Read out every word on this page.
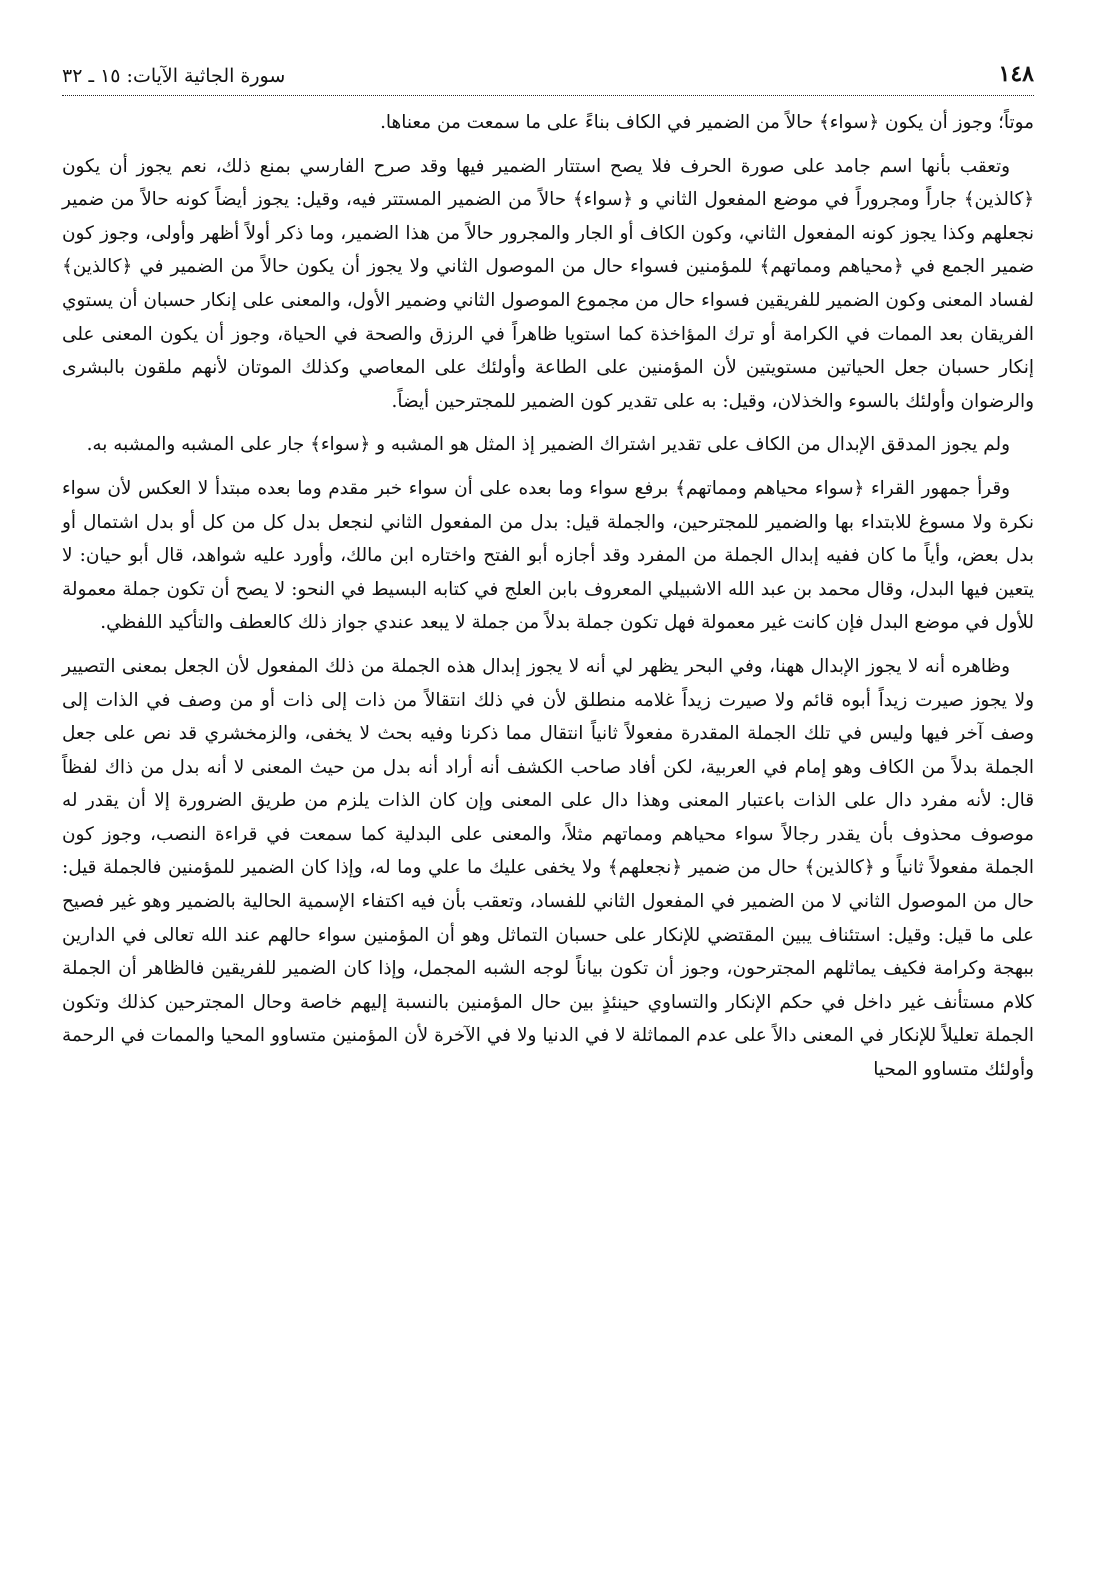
١٤٨
سورة الجاثية الآيات: ١٥ ـ ٣٢

موتاً؛ وجوز أن يكون ﴿سواء﴾ حالاً من الضمير في الكاف بناءً على ما سمعت من معناها.

وتعقب بأنها اسم جامد على صورة الحرف فلا يصح استتار الضمير فيها وقد صرح الفارسي بمنع ذلك، نعم يجوز أن يكون ﴿كالذين﴾ جاراً ومجروراً في موضع المفعول الثاني و ﴿سواء﴾ حالاً من الضمير المستتر فيه، وقيل: يجوز أيضاً كونه حالاً من ضمير نجعلهم وكذا يجوز كونه المفعول الثاني، وكون الكاف أو الجار والمجرور حالاً من هذا الضمير، وما ذكر أولاً أظهر وأولى، وجوز كون ضمير الجمع في ﴿محياهم ومماتهم﴾ للمؤمنين فسواء حال من الموصول الثاني ولا يجوز أن يكون حالاً من الضمير في ﴿كالذين﴾ لفساد المعنى وكون الضمير للفريقين فسواء حال من مجموع الموصول الثاني وضمير الأول، والمعنى على إنكار حسبان أن يستوي الفريقان بعد الممات في الكرامة أو ترك المؤاخذة كما استويا ظاهراً في الرزق والصحة في الحياة، وجوز أن يكون المعنى على إنكار حسبان جعل الحياتين مستويتين لأن المؤمنين على الطاعة وأولئك على المعاصي وكذلك الموتان لأنهم ملقون بالبشرى والرضوان وأولئك بالسوء والخذلان، وقيل: به على تقدير كون الضمير للمجترحين أيضاً.

ولم يجوز المدقق الإبدال من الكاف على تقدير اشتراك الضمير إذ المثل هو المشبه و ﴿سواء﴾ جار على المشبه والمشبه به.

وقرأ جمهور القراء ﴿سواء محياهم ومماتهم﴾ برفع سواء وما بعده على أن سواء خبر مقدم وما بعده مبتدأ لا العكس لأن سواء نكرة ولا مسوغ للابتداء بها والضمير للمجترحين، والجملة قيل: بدل من المفعول الثاني لنجعل بدل كل من كل أو بدل اشتمال أو بدل بعض، وأياً ما كان ففيه إبدال الجملة من المفرد وقد أجازه أبو الفتح واختاره ابن مالك، وأورد عليه شواهد، قال أبو حيان: لا يتعين فيها البدل، وقال محمد بن عبد الله الاشبيلي المعروف بابن العلج في كتابه البسيط في النحو: لا يصح أن تكون جملة معمولة للأول في موضع البدل فإن كانت غير معمولة فهل تكون جملة بدلاً من جملة لا يبعد عندي جواز ذلك كالعطف والتأكيد اللفظي.

وظاهره أنه لا يجوز الإبدال ههنا، وفي البحر يظهر لي أنه لا يجوز إبدال هذه الجملة من ذلك المفعول لأن الجعل بمعنى التصيير ولا يجوز صيرت زيداً أبوه قائم ولا صيرت زيداً غلامه منطلق لأن في ذلك انتقالاً من ذات إلى ذات أو من وصف في الذات إلى وصف آخر فيها وليس في تلك الجملة المقدرة مفعولاً ثانياً انتقال مما ذكرنا وفيه بحث لا يخفى، والزمخشري قد نص على جعل الجملة بدلاً من الكاف وهو إمام في العربية، لكن أفاد صاحب الكشف أنه أراد أنه بدل من حيث المعنى لا أنه بدل من ذاك لفظاً قال: لأنه مفرد دال على الذات باعتبار المعنى وهذا دال على المعنى وإن كان الذات يلزم من طريق الضرورة إلا أن يقدر له موصوف محذوف بأن يقدر رجالاً سواء محياهم ومماتهم مثلاً، والمعنى على البدلية كما سمعت في قراءة النصب، وجوز كون الجملة مفعولاً ثانياً و ﴿كالذين﴾ حال من ضمير ﴿نجعلهم﴾ ولا يخفى عليك ما علي وما له، وإذا كان الضمير للمؤمنين فالجملة قيل: حال من الموصول الثاني لا من الضمير في المفعول الثاني للفساد، وتعقب بأن فيه اكتفاء الإسمية الحالية بالضمير وهو غير فصيح على ما قيل: وقيل: استئناف يبين المقتضي للإنكار على حسبان التماثل وهو أن المؤمنين سواء حالهم عند الله تعالى في الدارين ببهجة وكرامة فكيف يماثلهم المجترحون، وجوز أن تكون بياناً لوجه الشبه المجمل، وإذا كان الضمير للفريقين فالظاهر أن الجملة كلام مستأنف غير داخل في حكم الإنكار والتساوي حينئذٍ بين حال المؤمنين بالنسبة إليهم خاصة وحال المجترحين كذلك وتكون الجملة تعليلاً للإنكار في المعنى دالاً على عدم المماثلة لا في الدنيا ولا في الآخرة لأن المؤمنين متساوو المحيا والممات في الرحمة وأولئك متساوو المحيا
